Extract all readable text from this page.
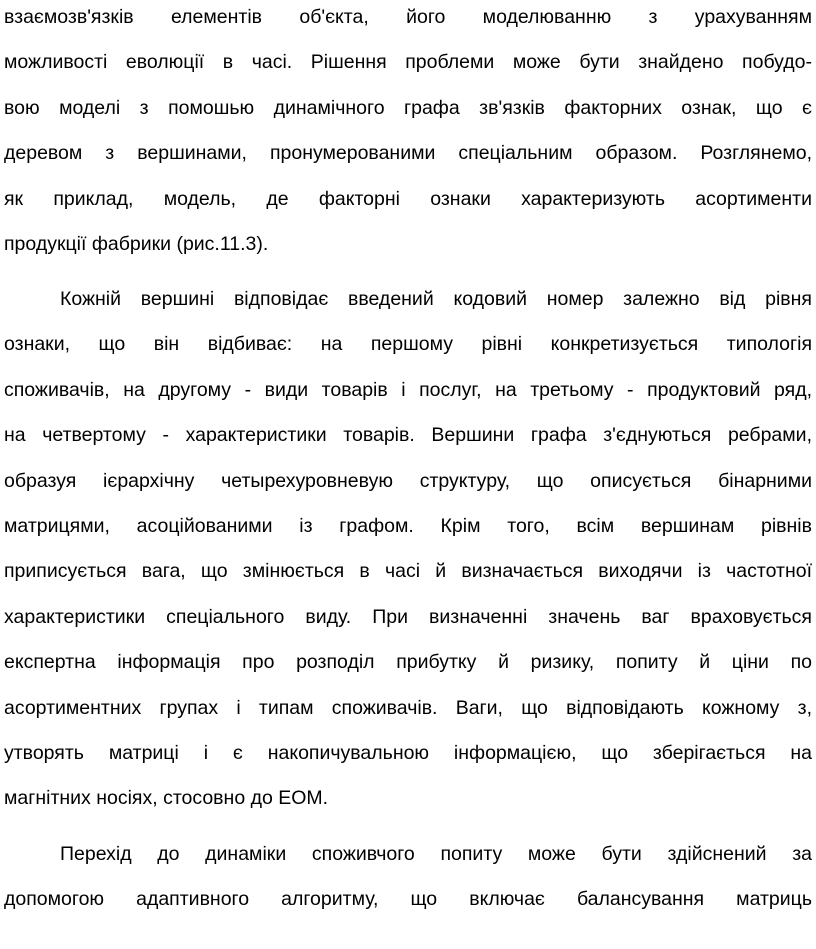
взаємозв'язків елементів об'єкта, його моделюванню з урахуванням
можливості еволюції в часі. Рішення проблеми може бути знайдено побудо-
вою моделі з помошью динамічного графа зв'язків факторних ознак, що є
деревом з вершинами, пронумерованими спеціальним образом. Розглянемо,
як приклад, модель, де факторні ознаки характеризують асортименти
продукції фабрики (рис.11.3).
Кожній вершині відповідає введений кодовий номер залежно від рівня
ознаки, що він відбиває: на першому рівні конкретизується типологія
споживачів, на другому - види товарів і послуг, на третьому - продуктовий ряд,
на четвертому - характеристики товарів. Вершини графа з'єднуються ребрами,
образуя ієрархічну четырехуровневую структуру, що описується бінарними
матрицями, асоційованими із графом. Крім того, всім вершинам рівнів
приписується вага, що змінюється в часі й визначається виходячи із частотної
характеристики спеціального виду. При визначенні значень ваг враховується
експертна інформація про розподіл прибутку й ризику, попиту й ціни по
асортиментних групах і типам споживачів. Ваги, що відповідають кожному з,
утворять матриці і є накопичувальною інформацією, що зберігається на
магнітних носіях, стосовно до ЕОМ.
Перехід до динаміки споживчого попиту може бути здійснений за
допомогою адаптивного алгоритму, що включає балансування матриць
